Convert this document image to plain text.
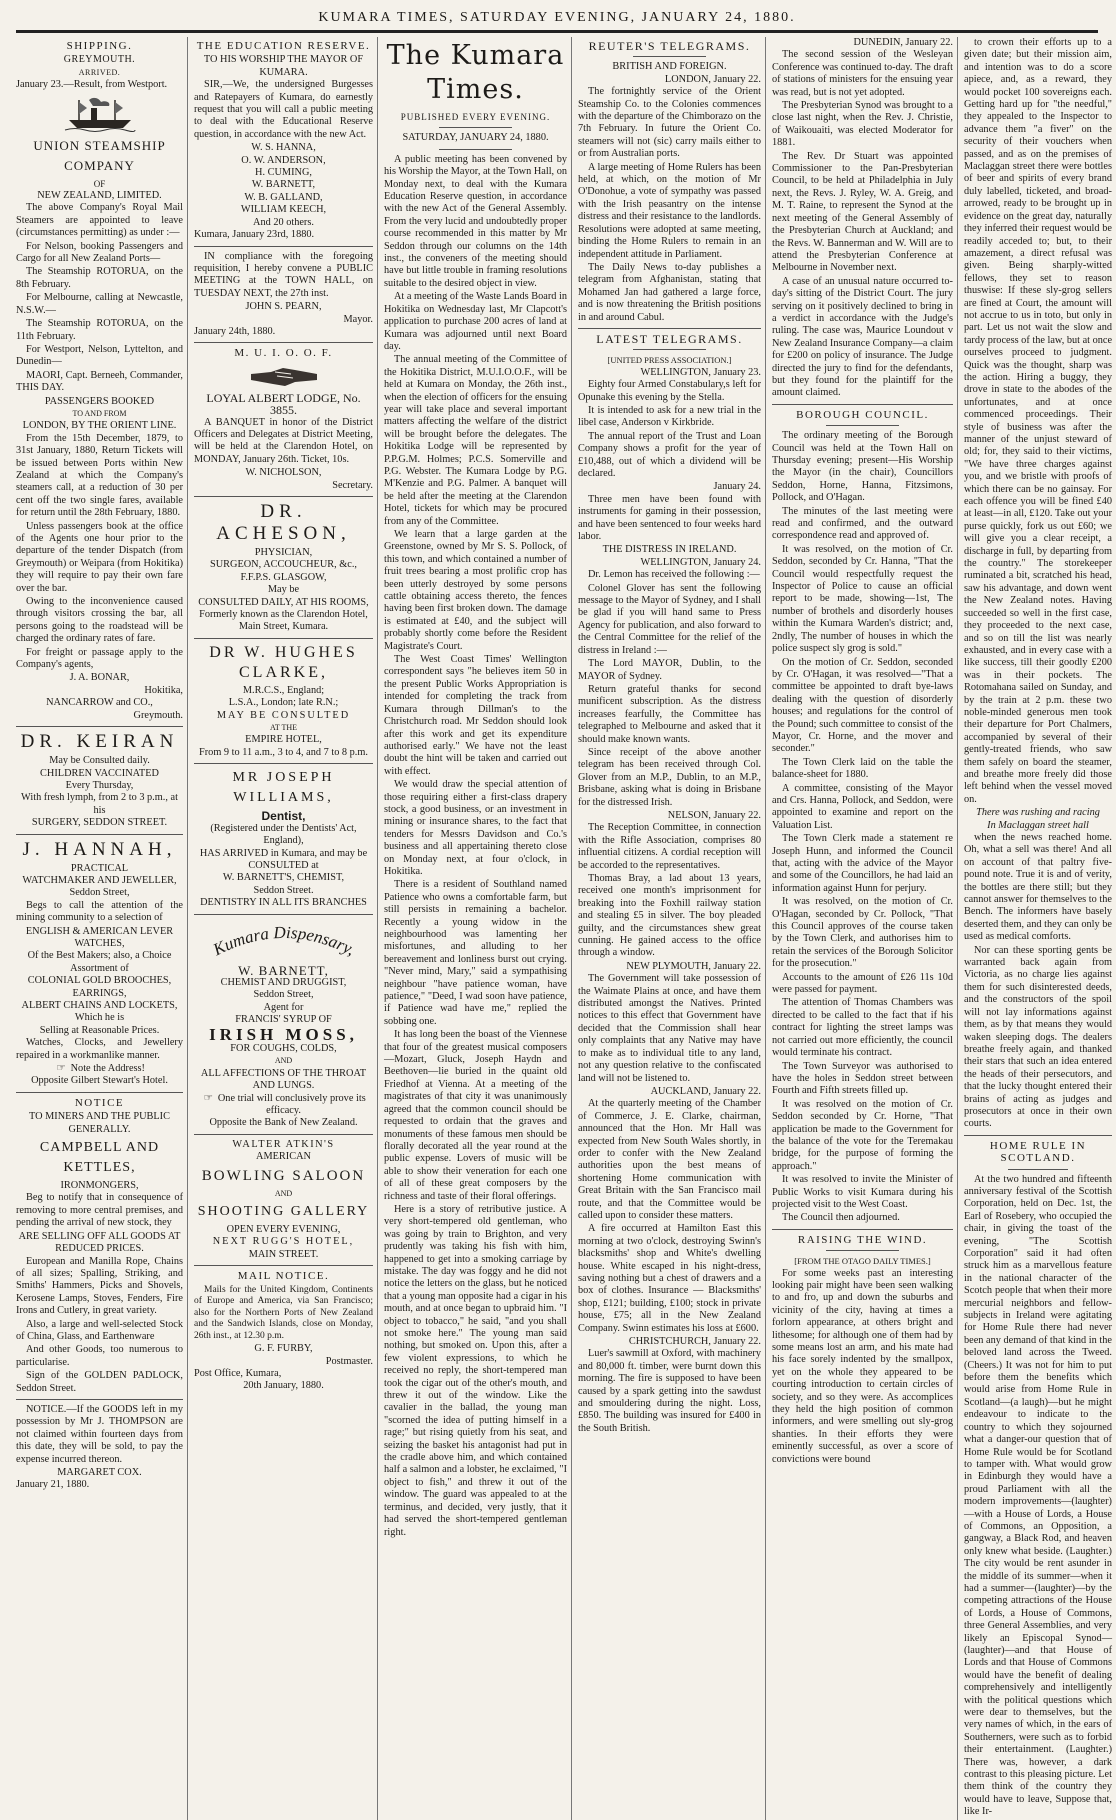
KUMARA TIMES, SATURDAY EVENING, JANUARY 24, 1880.
SHIPPING.
GREYMOUTH.
ARRIVED.
January 23.—Result, from Westport.
UNION STEAMSHIP COMPANY
OF
NEW ZEALAND, LIMITED.
The above Company's Royal Mail Steamers are appointed to leave (circumstances permitting) as under :—
For Nelson, booking Passengers and Cargo for all New Zealand Ports—
The Steamship ROTORUA, on the 8th February.
For Melbourne, calling at Newcastle, N.S.W.—
The Steamship ROTORUA, on the 11th February.
For Westport, Nelson, Lyttelton, and Dunedin—
MAORI, Capt. Berneeh, Commander, THIS DAY.
PASSENGERS BOOKED
TO AND FROM
LONDON, BY THE ORIENT LINE.
From the 15th December, 1879, to 31st January, 1880, Return Tickets will be issued between Ports within New Zealand at which the Company's steamers call, at a reduction of 30 per cent off the two single fares, available for return until the 28th February, 1880.
Unless passengers book at the office of the Agents one hour prior to the departure of the tender Dispatch (from Greymouth) or Weipara (from Hokitika) they will require to pay their own fare over the bar.
Owing to the inconvenience caused through visitors crossing the bar, all persons going to the roadstead will be charged the ordinary rates of fare.
For freight or passage apply to the Company's agents,
J. A. BONAR,
Hokitika,
NANCARROW and CO.,
Greymouth.
DR. KEIRAN
May be Consulted daily.
CHILDREN VACCINATED
Every Thursday,
With fresh lymph, from 2 to 3 p.m., at his
SURGERY, SEDDON STREET.
J. HANNAH,
PRACTICAL
WATCHMAKER AND JEWELLER,
Seddon Street,
Begs to call the attention of the mining community to a selection of
ENGLISH & AMERICAN LEVER WATCHES,
Of the Best Makers; also, a Choice Assortment of
COLONIAL GOLD BROOCHES, EARRINGS,
ALBERT CHAINS AND LOCKETS,
Which he is
Selling at Reasonable Prices.
Watches, Clocks, and Jewellery repaired in a workmanlike manner.
☞ Note the Address!
Opposite Gilbert Stewart's Hotel.
NOTICE
TO MINERS AND THE PUBLIC GENERALLY.
CAMPBELL AND KETTLES,
IRONMONGERS,
Beg to notify that in consequence of removing to more central premises, and pending the arrival of new stock, they
ARE SELLING OFF ALL GOODS AT REDUCED PRICES.
European and Manilla Rope, Chains of all sizes; Spalling, Striking, and Smiths' Hammers, Picks and Shovels, Kerosene Lamps, Stoves, Fenders, Fire Irons and Cutlery, in great variety.
Also, a large and well-selected Stock of China, Glass, and Earthenware
And other Goods, too numerous to particularise.
Sign of the GOLDEN PADLOCK, Seddon Street.
NOTICE.—If the GOODS left in my possession by Mr J. THOMPSON are not claimed within fourteen days from this date, they will be sold, to pay the expense incurred thereon.
MARGARET COX.
January 21, 1880.
THE EDUCATION RESERVE.
TO HIS WORSHIP THE MAYOR OF KUMARA.
SIR,—We, the undersigned Burgesses and Ratepayers of Kumara, do earnestly request that you will call a public meeting to deal with the Educational Reserve question, in accordance with the new Act.
W. S. HANNA,
O. W. ANDERSON,
H. CUMING,
W. BARNETT,
W. B. GALLAND,
WILLIAM KEECH,
And 20 others.
Kumara, January 23rd, 1880.
IN compliance with the foregoing requisition, I hereby convene a PUBLIC MEETING at the TOWN HALL, on TUESDAY NEXT, the 27th inst.
JOHN S. PEARN,
Mayor.
January 24th, 1880.
M. U. I. O. O. F.
LOYAL ALBERT LODGE, No. 3855.
A BANQUET in honor of the District Officers and Delegates at District Meeting, will be held at the Clarendon Hotel, on MONDAY, January 26th. Ticket, 10s.
W. NICHOLSON,
Secretary.
DR. ACHESON,
PHYSICIAN,
SURGEON, ACCOUCHEUR, &c.,
F.F.P.S. GLASGOW,
May be
CONSULTED DAILY, AT HIS ROOMS,
Formerly known as the Clarendon Hotel, Main Street, Kumara.
DR W. HUGHES CLARKE,
M.R.C.S., England;
L.S.A., London; late R.N.;
MAY BE CONSULTED
AT THE
EMPIRE HOTEL,
From 9 to 11 a.m., 3 to 4, and 7 to 8 p.m.
MR JOSEPH WILLIAMS,
Dentist,
(Registered under the Dentists' Act, England),
HAS ARRIVED in Kumara, and may be CONSULTED at
W. BARNETT'S, CHEMIST,
Seddon Street.
DENTISTRY IN ALL ITS BRANCHES
Kumara Dispensary,
W. BARNETT,
CHEMIST AND DRUGGIST,
Seddon Street,
Agent for
FRANCIS' SYRUP OF
IRISH MOSS,
FOR COUGHS, COLDS,
AND
ALL AFFECTIONS OF THE THROAT AND LUNGS.
☞ One trial will conclusively prove its efficacy.
Opposite the Bank of New Zealand.
WALTER ATKIN'S
AMERICAN
BOWLING SALOON
AND
SHOOTING GALLERY
OPEN EVERY EVENING,
NEXT RUGG'S HOTEL,
MAIN STREET.
MAIL NOTICE.
Mails for the United Kingdom, Continents of Europe and America, via San Francisco; also for the Northern Ports of New Zealand and the Sandwich Islands, close on Monday, 26th inst., at 12.30 p.m.
G. F. FURBY,
Postmaster.
Post Office, Kumara,
20th January, 1880.
The Kumara Times.
PUBLISHED EVERY EVENING.
SATURDAY, JANUARY 24, 1880.
A public meeting has been convened by his Worship the Mayor, at the Town Hall, on Monday next, to deal with the Kumara Education Reserve question, in accordance with the new Act of the General Assembly. From the very lucid and undoubtedly proper course recommended in this matter by Mr Seddon through our columns on the 14th inst., the conveners of the meeting should have but little trouble in framing resolutions suitable to the desired object in view.
At a meeting of the Waste Lands Board in Hokitika on Wednesday last, Mr Clapcott's application to purchase 200 acres of land at Kumara was adjourned until next Board day.
The annual meeting of the Committee of the Hokitika District, M.U.I.O.O.F., will be held at Kumara on Monday, the 26th inst., when the election of officers for the ensuing year will take place and several important matters affecting the welfare of the district will be brought before the delegates. The Hokitika Lodge will be represented by P.P.G.M. Holmes; P.C.S. Somerville and P.G. Webster. The Kumara Lodge by P.G. M'Kenzie and P.G. Palmer. A banquet will be held after the meeting at the Clarendon Hotel, tickets for which may be procured from any of the Committee.
We learn that a large garden at the Greenstone, owned by Mr S. S. Pollock, of this town, and which contained a number of fruit trees bearing a most prolific crop has been utterly destroyed by some persons cattle obtaining access thereto, the fences having been first broken down. The damage is estimated at £40, and the subject will probably shortly come before the Resident Magistrate's Court.
The West Coast Times' Wellington correspondent says "he believes item 50 in the present Public Works Appropriation is intended for completing the track from Kumara through Dillman's to the Christchurch road. Mr Seddon should look after this work and get its expenditure authorised early." We have not the least doubt the hint will be taken and carried out with effect.
We would draw the special attention of those requiring either a first-class drapery stock, a good business, or an investment in mining or insurance shares, to the fact that tenders for Messrs Davidson and Co.'s business and all appertaining thereto close on Monday next, at four o'clock, in Hokitika.
There is a resident of Southland named Patience who owns a comfortable farm, but still persists in remaining a bachelor. Recently a young widow in the neighbourhood was lamenting her misfortunes, and alluding to her bereavement and lonliness burst out crying. "Never mind, Mary," said a sympathising neighbour "have patience woman, have patience," "Deed, I wad soon have patience, if Patience wad have me," replied the sobbing one.
It has long been the boast of the Viennese that four of the greatest musical composers—Mozart, Gluck, Joseph Haydn and Beethoven—lie buried in the quaint old Friedhof at Vienna. At a meeting of the magistrates of that city it was unanimously agreed that the common council should be requested to ordain that the graves and monuments of these famous men should be florally decorated all the year round at the public expense. Lovers of music will be able to show their veneration for each one of all of these great composers by the richness and taste of their floral offerings.
Here is a story of retributive justice. A very short-tempered old gentleman, who was going by train to Brighton, and very prudently was taking his fish with him, happened to get into a smoking carriage by mistake. The day was foggy and he did not notice the letters on the glass, but he noticed that a young man opposite had a cigar in his mouth, and at once began to upbraid him. "I object to tobacco," he said, "and you shall not smoke here." The young man said nothing, but smoked on. Upon this, after a few violent expressions, to which he received no reply, the short-tempered man took the cigar out of the other's mouth, and threw it out of the window. Like the cavalier in the ballad, the young man "scorned the idea of putting himself in a rage;" but rising quietly from his seat, and seizing the basket his antagonist had put in the cradle above him, and which contained half a salmon and a lobster, he exclaimed, "I object to fish," and threw it out of the window. The guard was appealed to at the terminus, and decided, very justly, that it had served the short-tempered gentleman right.
REUTER'S TELEGRAMS.
BRITISH AND FOREIGN.
LONDON, January 22.
The fortnightly service of the Orient Steamship Co. to the Colonies commences with the departure of the Chimborazo on the 7th February. In future the Orient Co. steamers will not (sic) carry mails either to or from Australian ports.
A large meeting of Home Rulers has been held, at which, on the motion of Mr O'Donohue, a vote of sympathy was passed with the Irish peasantry on the intense distress and their resistance to the landlords. Resolutions were adopted at same meeting, binding the Home Rulers to remain in an independent attitude in Parliament.
The Daily News to-day publishes a telegram from Afghanistan, stating that Mohamed Jan had gathered a large force, and is now threatening the British positions in and around Cabul.
LATEST TELEGRAMS.
[UNITED PRESS ASSOCIATION.]
WELLINGTON, January 23.
Eighty four Armed Constabulary,s left for Opunake this evening by the Stella.
It is intended to ask for a new trial in the libel case, Anderson v Kirkbride.
The annual report of the Trust and Loan Company shows a profit for the year of £10,488, out of which a dividend will be declared.
January 24.
Three men have been found with instruments for gaming in their possession, and have been sentenced to four weeks hard labor.
THE DISTRESS IN IRELAND.
WELLINGTON, January 24.
Dr. Lemon has received the following :—
Colonel Glover has sent the following message to the Mayor of Sydney, and I shall be glad if you will hand same to Press Agency for publication, and also forward to the Central Committee for the relief of the distress in Ireland :—
The Lord MAYOR, Dublin, to the MAYOR of Sydney.
Return grateful thanks for second munificent subscription. As the distress increases fearfully, the Committee has telegraphed to Melbourne and asked that it should make known wants.
Since receipt of the above another telegram has been received through Col. Glover from an M.P., Dublin, to an M.P., Brisbane, asking what is doing in Brisbane for the distressed Irish.
NELSON, January 22.
The Reception Committee, in connection with the Rifle Association, comprises 80 influential citizens. A cordial reception will be accorded to the representatives.
Thomas Bray, a lad about 13 years, received one month's imprisonment for breaking into the Foxhill railway station and stealing £5 in silver. The boy pleaded guilty, and the circumstances shew great cunning. He gained access to the office through a window.
NEW PLYMOUTH, January 22.
The Government will take possession of the Waimate Plains at once, and have them distributed amongst the Natives. Printed notices to this effect that Government have decided that the Commission shall hear only complaints that any Native may have to make as to individual title to any land, not any question relative to the confiscated land will not be listened to.
AUCKLAND, January 22.
At the quarterly meeting of the Chamber of Commerce, J. E. Clarke, chairman, announced that the Hon. Mr Hall was expected from New South Wales shortly, in order to confer with the New Zealand authorities upon the best means of shortening Home communication with Great Britain with the San Francisco mail route, and that the Committee would be called upon to consider these matters.
A fire occurred at Hamilton East this morning at two o'clock, destroying Swinn's blacksmiths' shop and White's dwelling house. White escaped in his night-dress, saving nothing but a chest of drawers and a box of clothes. Insurance — Blacksmiths' shop, £121; building, £100; stock in private house, £75; all in the New Zealand Company. Swinn estimates his loss at £600.
CHRISTCHURCH, January 22.
Luer's sawmill at Oxford, with machinery and 80,000 ft. timber, were burnt down this morning. The fire is supposed to have been caused by a spark getting into the sawdust and smouldering during the night. Loss, £850. The building was insured for £400 in the South British.
DUNEDIN, January 22.
The second session of the Wesleyan Conference was continued to-day. The draft of stations of ministers for the ensuing year was read, but is not yet adopted.
The Presbyterian Synod was brought to a close last night, when the Rev. J. Christie, of Waikouaiti, was elected Moderator for 1881.
The Rev. Dr Stuart was appointed Commissioner to the Pan-Presbyterian Council, to be held at Philadelphia in July next, the Revs. J. Ryley, W. A. Greig, and M. T. Raine, to represent the Synod at the next meeting of the General Assembly of the Presbyterian Church at Auckland; and the Revs. W. Bannerman and W. Will are to attend the Presbyterian Conference at Melbourne in November next.
A case of an unusual nature occurred to-day's sitting of the District Court. The jury serving on it positively declined to bring in a verdict in accordance with the Judge's ruling. The case was, Maurice Loundout v New Zealand Insurance Company—a claim for £200 on policy of insurance. The Judge directed the jury to find for the defendants, but they found for the plaintiff for the amount claimed.
BOROUGH COUNCIL.
The ordinary meeting of the Borough Council was held at the Town Hall on Thursday evening; present—His Worship the Mayor (in the chair), Councillors Seddon, Horne, Hanna, Fitzsimons, Pollock, and O'Hagan.
The minutes of the last meeting were read and confirmed, and the outward correspondence read and approved of.
It was resolved, on the motion of Cr. Seddon, seconded by Cr. Hanna, "That the Council would respectfully request the Inspector of Police to cause an official report to be made, showing—1st, The number of brothels and disorderly houses within the Kumara Warden's district; and, 2ndly, The number of houses in which the police suspect sly grog is sold."
On the motion of Cr. Seddon, seconded by Cr. O'Hagan, it was resolved—"That a committee be appointed to draft bye-laws dealing with the question of disorderly houses; and regulations for the control of the Pound; such committee to consist of the Mayor, Cr. Horne, and the mover and seconder."
The Town Clerk laid on the table the balance-sheet for 1880.
A committee, consisting of the Mayor and Crs. Hanna, Pollock, and Seddon, were appointed to examine and report on the Valuation List.
The Town Clerk made a statement re Joseph Hunn, and informed the Council that, acting with the advice of the Mayor and some of the Councillors, he had laid an information against Hunn for perjury.
It was resolved, on the motion of Cr. O'Hagan, seconded by Cr. Pollock, "That this Council approves of the course taken by the Town Clerk, and authorises him to retain the services of the Borough Solicitor for the prosecution."
Accounts to the amount of £26 11s 10d were passed for payment.
The attention of Thomas Chambers was directed to be called to the fact that if his contract for lighting the street lamps was not carried out more efficiently, the council would terminate his contract.
The Town Surveyor was authorised to have the holes in Seddon street between Fourth and Fifth streets filled up.
It was resolved on the motion of Cr. Seddon seconded by Cr. Horne, "That application be made to the Government for the balance of the vote for the Teremakau bridge, for the purpose of forming the approach."
It was resolved to invite the Minister of Public Works to visit Kumara during his projected visit to the West Coast.
The Council then adjourned.
RAISING THE WIND.
[FROM THE OTAGO DAILY TIMES.]
For some weeks past an interesting looking pair might have been seen walking to and fro, up and down the suburbs and vicinity of the city, having at times a forlorn appearance, at others bright and lithesome; for although one of them had by some means lost an arm, and his mate had his face sorely indented by the smallpox, yet on the whole they appeared to be courting introduction to certain circles of society, and so they were. As accomplices they held the high position of common informers, and were smelling out sly-grog shanties. In their efforts they were eminently successful, as over a score of convictions were bound
to crown their efforts up to a given date; but their mission aim, and intention was to do a score apiece, and, as a reward, they would pocket 100 sovereigns each. Getting hard up for "the needful," they appealed to the Inspector to advance them "a fiver" on the security of their vouchers when passed, and as on the premises of Maclaggan street there were bottles of beer and spirits of every brand duly labelled, ticketed, and broad-arrowed, ready to be brought up in evidence on the great day, naturally they inferred their request would be readily acceded to; but, to their amazement, a direct refusal was given. Being sharply-witted fellows, they set to reason thuswise: If these sly-grog sellers are fined at Court, the amount will not accrue to us in toto, but only in part. Let us not wait the slow and tardy process of the law, but at once ourselves proceed to judgment. Quick was the thought, sharp was the action. Hiring a buggy, they drove in state to the abodes of the unfortunates, and at once commenced proceedings. Their style of business was after the manner of the unjust steward of old; for, they said to their victims, "We have three charges against you, and we bristle with proofs of which there can be no gainsay. For each offence you will be fined £40 at least—in all, £120. Take out your purse quickly, fork us out £60; we will give you a clear receipt, a discharge in full, by departing from the country." The storekeeper ruminated a bit, scratched his head, saw his advantage, and down went the New Zealand notes. Having succeeded so well in the first case, they proceeded to the next case, and so on till the list was nearly exhausted, and in every case with a like success, till their goodly £200 was in their pockets. The Rotomahana sailed on Sunday, and by the train at 2 p.m. these two noble-minded generous men took their departure for Port Chalmers, accompanied by several of their gently-treated friends, who saw them safely on board the steamer, and breathe more freely did those left behind when the vessel moved on.
There was rushing and racing
In Maclaggan street hall
when the news reached home. Oh, what a sell was there! And all on account of that paltry five-pound note. True it is and of verity, the bottles are there still; but they cannot answer for themselves to the Bench. The informers have basely deserted them, and they can only be used as medical comforts.
Nor can these sporting gents be warranted back again from Victoria, as no charge lies against them for such disinterested deeds, and the constructors of the spoil will not lay informations against them, as by that means they would waken sleeping dogs. The dealers breathe freely again, and thanked their stars that such an idea entered the heads of their persecutors, and that the lucky thought entered their brains of acting as judges and prosecutors at once in their own courts.
HOME RULE IN SCOTLAND.
At the two hundred and fifteenth anniversary festival of the Scottish Corporation, held on Dec. 1st, the Earl of Rosebery, who occupied the chair, in giving the toast of the evening, "The Scottish Corporation" said it had often struck him as a marvellous feature in the national character of the Scotch people that when their more mercurial neighbors and fellow-subjects in Ireland were agitating for Home Rule there had never been any demand of that kind in the beloved land across the Tweed. (Cheers.) It was not for him to put before them the benefits which would arise from Home Rule in Scotland—(a laugh)—but he might endeavour to indicate to the country to which they sojourned what a danger-our question that of Home Rule would be for Scotland to tamper with. What would grow in Edinburgh they would have a proud Parliament with all the modern improvements—(laughter)—with a House of Lords, a House of Commons, an Opposition, a gangway, a Black Rod, and heaven only knew what beside. (Laughter.) The city would be rent asunder in the middle of its summer—when it had a summer—(laughter)—by the competing attractions of the House of Lords, a House of Commons, three General Assemblies, and very likely an Episcopal Synod—(laughter)—and that House of Lords and that House of Commons would have the benefit of dealing comprehensively and intelligently with the political questions which were dear to themselves, but the very names of which, in the ears of Southerners, were such as to forbid their entertainment. (Laughter.) There was, however, a dark contrast to this pleasing picture. Let them think of the country they would have to leave, Suppose that, like Ir-
